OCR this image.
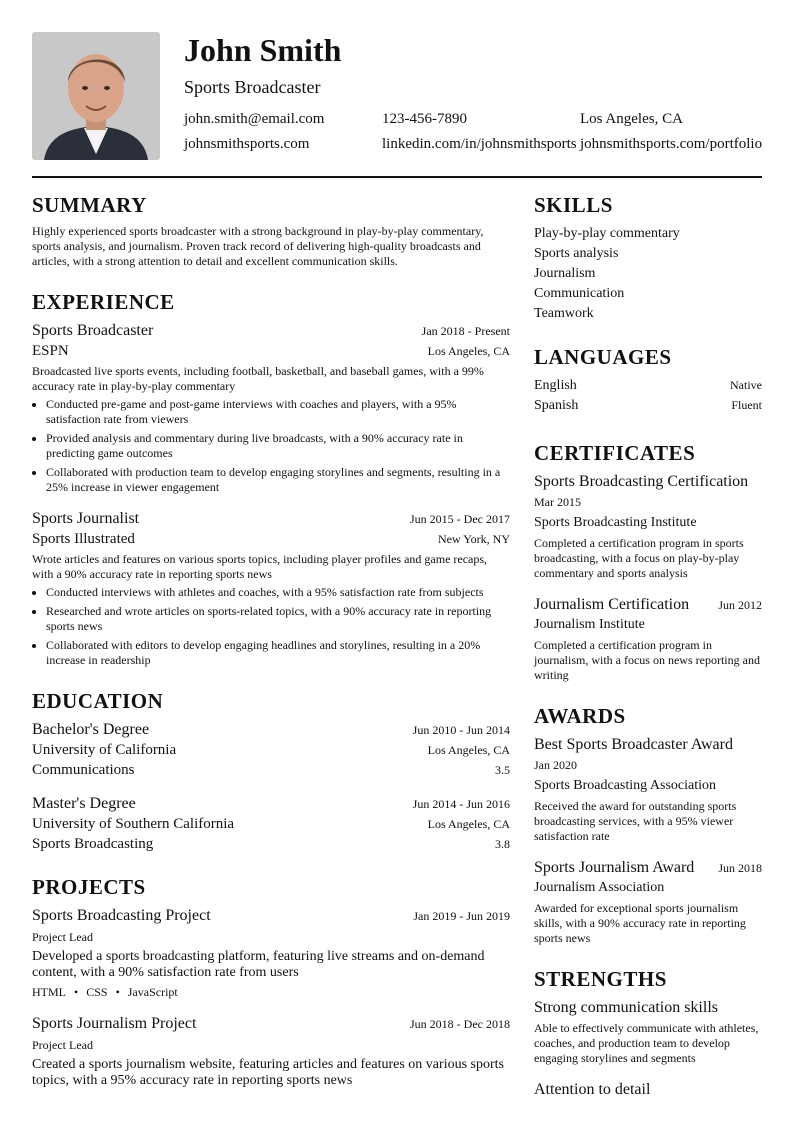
John Smith
Sports Broadcaster
john.smith@email.com	123-456-7890	Los Angeles, CA
johnsmithsports.com	linkedin.com/in/johnsmithsports johnsmithsports.com/portfolio
SUMMARY
Highly experienced sports broadcaster with a strong background in play-by-play commentary, sports analysis, and journalism. Proven track record of delivering high-quality broadcasts and articles, with a strong attention to detail and excellent communication skills.
EXPERIENCE
Sports Broadcaster	Jan 2018 - Present
ESPN	Los Angeles, CA
Broadcasted live sports events, including football, basketball, and baseball games, with a 99% accuracy rate in play-by-play commentary
• Conducted pre-game and post-game interviews with coaches and players, with a 95% satisfaction rate from viewers
• Provided analysis and commentary during live broadcasts, with a 90% accuracy rate in predicting game outcomes
• Collaborated with production team to develop engaging storylines and segments, resulting in a 25% increase in viewer engagement
Sports Journalist	Jun 2015 - Dec 2017
Sports Illustrated	New York, NY
Wrote articles and features on various sports topics, including player profiles and game recaps, with a 90% accuracy rate in reporting sports news
• Conducted interviews with athletes and coaches, with a 95% satisfaction rate from subjects
• Researched and wrote articles on sports-related topics, with a 90% accuracy rate in reporting sports news
• Collaborated with editors to develop engaging headlines and storylines, resulting in a 20% increase in readership
EDUCATION
Bachelor's Degree	Jun 2010 - Jun 2014
University of California	Los Angeles, CA
Communications	3.5
Master's Degree	Jun 2014 - Jun 2016
University of Southern California	Los Angeles, CA
Sports Broadcasting	3.8
PROJECTS
Sports Broadcasting Project	Jan 2019 - Jun 2019
Project Lead
Developed a sports broadcasting platform, featuring live streams and on-demand content, with a 90% satisfaction rate from users
HTML • CSS • JavaScript
Sports Journalism Project	Jun 2018 - Dec 2018
Project Lead
Created a sports journalism website, featuring articles and features on various sports topics, with a 95% accuracy rate in reporting sports news
SKILLS
Play-by-play commentary
Sports analysis
Journalism
Communication
Teamwork
LANGUAGES
English	Native
Spanish	Fluent
CERTIFICATES
Sports Broadcasting Certification
Mar 2015
Sports Broadcasting Institute
Completed a certification program in sports broadcasting, with a focus on play-by-play commentary and sports analysis
Journalism Certification Jun 2012
Journalism Institute
Completed a certification program in journalism, with a focus on news reporting and writing
AWARDS
Best Sports Broadcaster Award
Jan 2020
Sports Broadcasting Association
Received the award for outstanding sports broadcasting services, with a 95% viewer satisfaction rate
Sports Journalism Award Jun 2018
Journalism Association
Awarded for exceptional sports journalism skills, with a 90% accuracy rate in reporting sports news
STRENGTHS
Strong communication skills
Able to effectively communicate with athletes, coaches, and production team to develop engaging storylines and segments
Attention to detail
